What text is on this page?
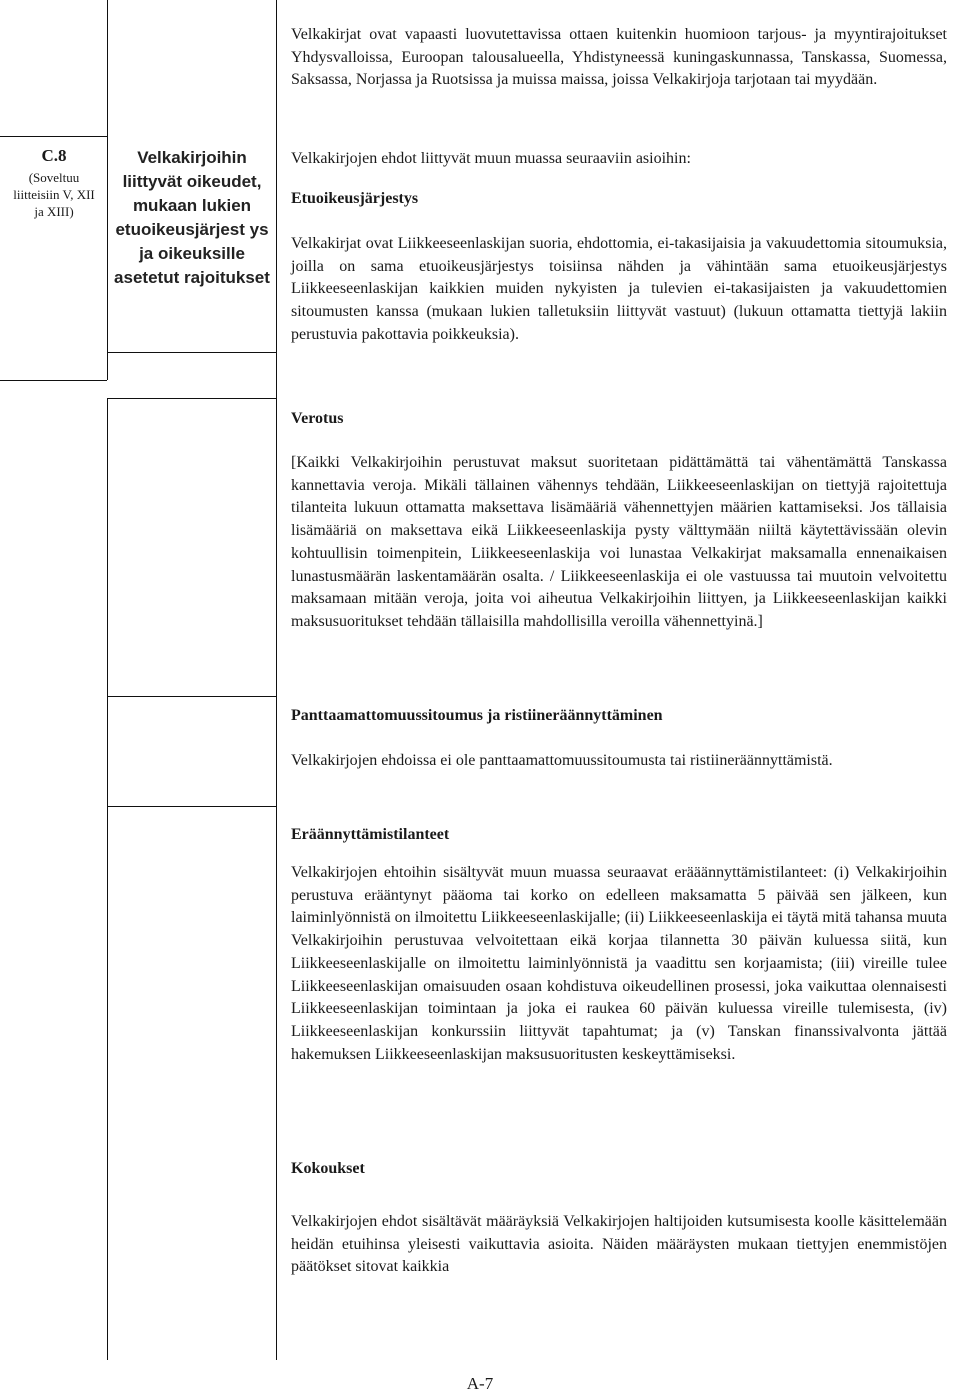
C.8
(Soveltuu liitteisiin V, XII ja XIII)
Velkakirjoihin liittyvät oikeudet, mukaan lukien etuoikeusjärjest ys ja oikeuksille asetetut rajoitukset

Velkakirjat ovat vapaasti luovutettavissa ottaen kuitenkin huomioon tarjous- ja myyntirajoitukset Yhdysvalloissa, Euroopan talousalueella, Yhdistyneessä kuningaskunnassa, Tanskassa, Suomessa, Saksassa, Norjassa ja Ruotsissa ja muissa maissa, joissa Velkakirjoja tarjotaan tai myydään.

Velkakirjojen ehdot liittyvät muun muassa seuraaviin asioihin:

Etuoikeusjärjestys

Velkakirjat ovat Liikkeeseenlaskijan suoria, ehdottomia, ei-takasijaisia ja vakuudettomia sitoumuksia, joilla on sama etuoikeusjärjestys toisiinsa nähden ja vähintään sama etuoikeusjärjestys Liikkeeseenlaskijan kaikkien muiden nykyisten ja tulevien ei-takasijaisten ja vakuudettomien sitoumusten kanssa (mukaan lukien talletuksiin liittyvät vastuut) (lukuun ottamatta tiettyjä lakiin perustuvia pakottavia poikkeuksia).

Verotus

[Kaikki Velkakirjoihin perustuvat maksut suoritetaan pidättämättä tai vähentämättä Tanskassa kannettavia veroja. Mikäli tällainen vähennys tehdään, Liikkeeseenlaskijan on tiettyjä rajoitettuja tilanteita lukuun ottamatta maksettava lisämääriä vähennettyjen määrien kattamiseksi. Jos tällaisia lisämääriä on maksettava eikä Liikkeeseenlaskija pysty välttymään niiltä käytettävissään olevin kohtuullisin toimenpitein, Liikkeeseenlaskija voi lunastaa Velkakirjat maksamalla ennenaikaisen lunastusmäärän laskentamäärän osalta. / Liikkeeseenlaskija ei ole vastuussa tai muutoin velvoitettu maksamaan mitään veroja, joita voi aiheutua Velkakirjoihin liittyen, ja Liikkeeseenlaskijan kaikki maksusuoritukset tehdään tällaisilla mahdollisilla veroilla vähennettyinä.]

Panttaamattomuussitoumus ja ristiineräännyttäminen

Velkakirjojen ehdoissa ei ole panttaamattomuussitoumusta tai ristiineräännyttämistä.

Eräännyttämistilanteet

Velkakirjojen ehtoihin sisältyvät muun muassa seuraavat erääännyttämistilanteet: (i) Velkakirjoihin perustuva erääntynyt pääoma tai korko on edelleen maksamatta 5 päivää sen jälkeen, kun laiminlyönnistä on ilmoitettu Liikkeeseenlaskijalle; (ii) Liikkeeseenlaskija ei täytä mitä tahansa muuta Velkakirjoihin perustuvaa velvoitettaan eikä korjaa tilannetta 30 päivän kuluessa siitä, kun Liikkeeseenlaskijalle on ilmoitettu laiminlyönnistä ja vaadittu sen korjaamista; (iii) vireille tulee Liikkeeseenlaskijan omaisuuden osaan kohdistuva oikeudellinen prosessi, joka vaikuttaa olennaisesti Liikkeeseenlaskijan toimintaan ja joka ei raukea 60 päivän kuluessa vireille tulemisesta, (iv) Liikkeeseenlaskijan konkurssiin liittyvät tapahtumat; ja (v) Tanskan finanssivalvonta jättää hakemuksen Liikkeeseenlaskijan maksusuoritusten keskeyttämiseksi.

Kokoukset

Velkakirjojen ehdot sisältävät määräyksiä Velkakirjojen haltijoiden kutsumisesta koolle käsittelemään heidän etuihinsa yleisesti vaikuttavia asioita. Näiden määräysten mukaan tiettyjen enemmistöjen päätökset sitovat kaikkia

A-7
